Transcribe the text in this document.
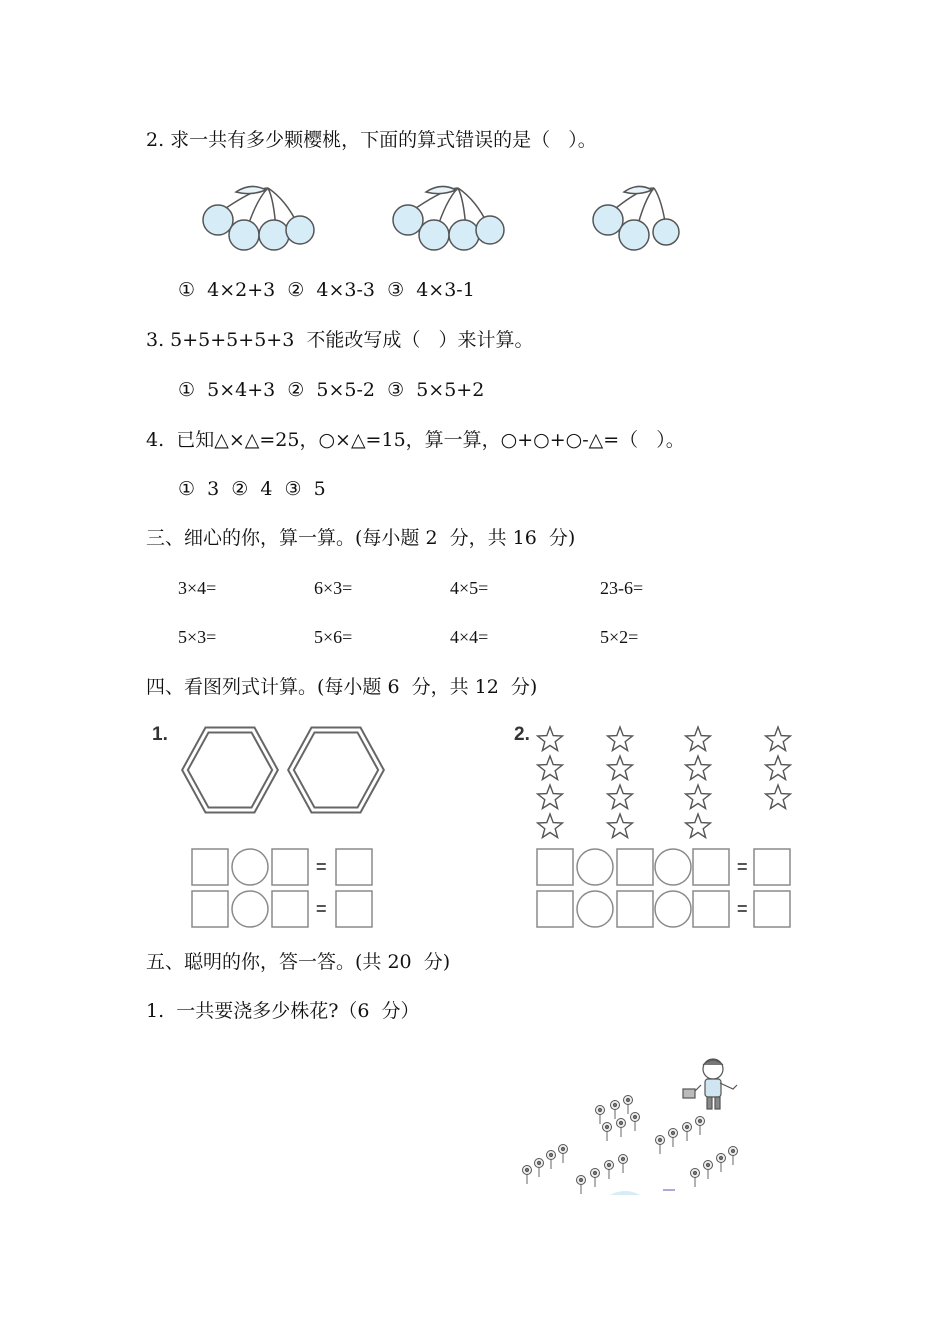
2. 求一共有多少颗樱桃，下面的算式错误的是（   ）。
①  4×2+3  ②  4×3-3  ③  4×3-1
3. 5+5+5+5+3  不能改写成（   ）来计算。
①  5×4+3  ②  5×5-2  ③  5×5+2
4.  已知△×△=25，○×△=15，算一算，○+○+○-△=（   ）。
①  3  ②  4  ③  5
三、细心的你，算一算。(每小题 2  分，共 16  分)
3×4=	6×3=	4×5=	23-6=
5×3=	5×6=	4×4=	5×2=
四、看图列式计算。(每小题 6  分，共 12  分)
1.
=
=
2.
=
=
五、聪明的你，答一答。(共 20  分)
1.  一共要浇多少株花?（6  分）
